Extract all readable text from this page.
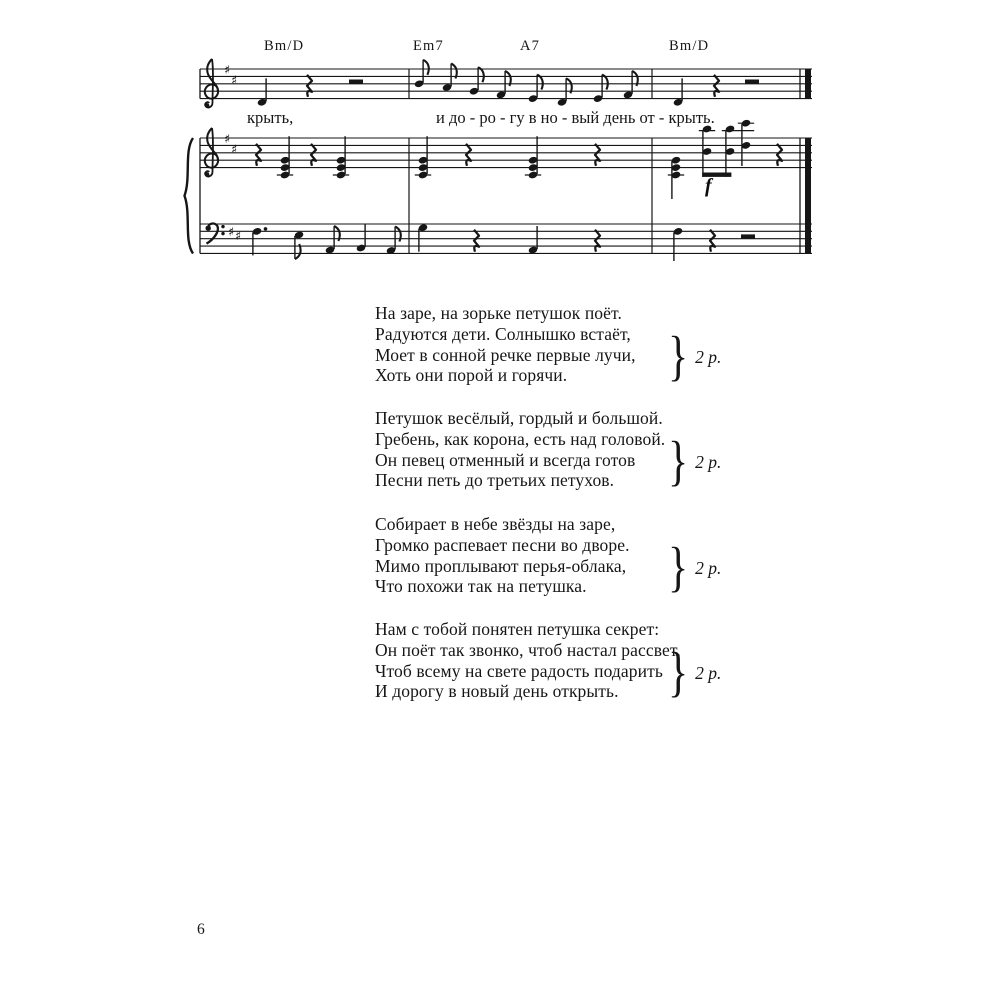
♯
♯
♯
♯
♯ ♯
Bm/D	Em7	A7	Bm/D
крыть,	и до - ро - гу в но - вый день от - крыть.
f
На заре, на зорьке петушок поёт.
Радуются дети. Солнышко встаёт,
Моет в сонной речке первые лучи,
Хоть они порой и горячи.	} 2 р.
Петушок весёлый, гордый и большой.
Гребень, как корона, есть над головой.
Он певец отменный и всегда готов
Песни петь до третьих петухов.	} 2 р.
Собирает в небе звёзды на заре,
Громко распевает песни во дворе.
Мимо проплывают перья-облака,
Что похожи так на петушка.	} 2 р.
Нам с тобой понятен петушка секрет:
Он поёт так звонко, чтоб настал рассвет,
Чтоб всему на свете радость подарить
И дорогу в новый день открыть.	} 2 р.
6
